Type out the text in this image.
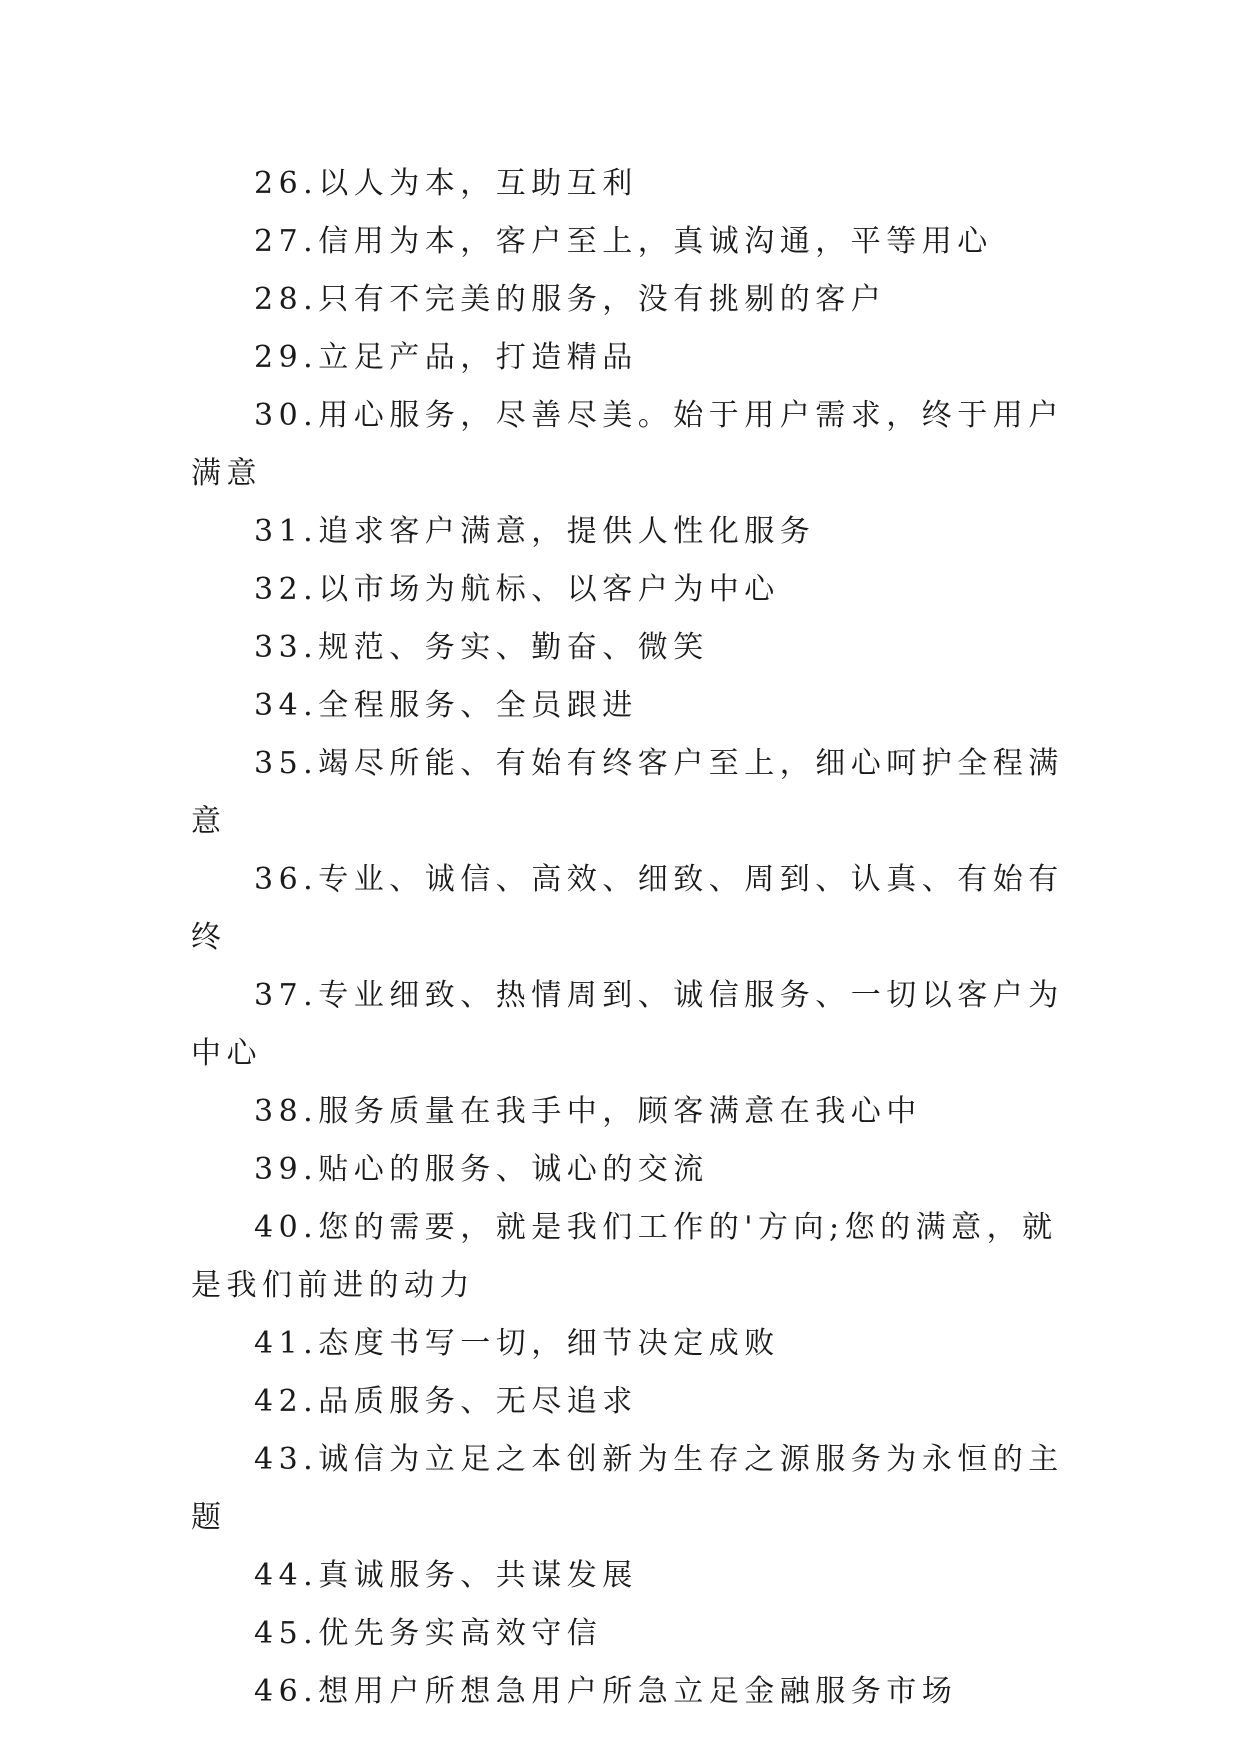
26.以人为本，互助互利

27.信用为本，客户至上，真诚沟通，平等用心

28.只有不完美的服务，没有挑剔的客户

29.立足产品，打造精品

30.用心服务，尽善尽美。始于用户需求，终于用户满意

31.追求客户满意，提供人性化服务

32.以市场为航标、以客户为中心

33.规范、务实、勤奋、微笑

34.全程服务、全员跟进

35.竭尽所能、有始有终客户至上，细心呵护全程满意

36.专业、诚信、高效、细致、周到、认真、有始有终

37.专业细致、热情周到、诚信服务、一切以客户为中心

38.服务质量在我手中，顾客满意在我心中

39.贴心的服务、诚心的交流

40.您的需要，就是我们工作的'方向;您的满意，就是我们前进的动力

41.态度书写一切，细节决定成败

42.品质服务、无尽追求

43.诚信为立足之本创新为生存之源服务为永恒的主题

44.真诚服务、共谋发展

45.优先务实高效守信

46.想用户所想急用户所急立足金融服务市场
